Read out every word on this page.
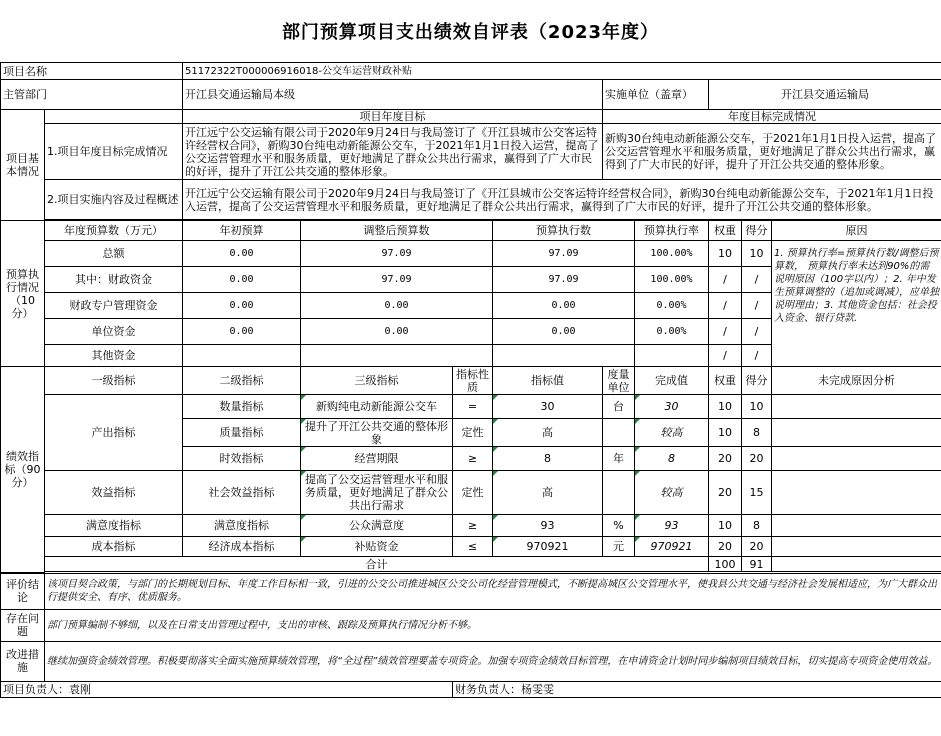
部门预算项目支出绩效自评表（2023年度）
项目名称		51172322T000006916018-公交车运营财政补贴								
主管部门		开江县交通运输局本级				实施单位（盖章）		开江县交通运输局		
项目基本情况		项目年度目标				年度目标完成情况				
	1.项目年度目标完成情况	开江远宁公交运输有限公司于2020年9月24日与我局签订了《开江县城市公交客运特许经营权合同》，新购30台纯电动新能源公交车，于2021年1月1日投入运营，提高了公交运营管理水平和服务质量，更好地满足了群众公共出行需求，赢得到了广大市民的好评，提升了开江公共交通的整体形象。				新购30台纯电动新能源公交车，于2021年1月1日投入运营，提高了公交运营管理水平和服务质量，更好地满足了群众公共出行需求，赢得到了广大市民的好评，提升了开江公共交通的整体形象。				
	2.项目实施内容及过程概述	开江远宁公交运输有限公司于2020年9月24日与我局签订了《开江县城市公交客运特许经营权合同》，新购30台纯电动新能源公交车，于2021年1月1日投入运营，提高了公交运营管理水平和服务质量，更好地满足了群众公共出行需求，赢得到了广大市民的好评，提升了开江公共交通的整体形象。								

预算执行情况（10分）	年度预算数（万元）	年初预算	调整后预算数		预算执行数		预算执行率	权重	得分	原因
	总额	0.00	97.09		97.09		100.00%	10	10	1. 预算执行率=预算执行数/调整后预算数， 预算执行率未达到90%的需说明原因（100字以内）；2. 年中发生预算调整的（追加或调减），应单独说明理由；3. 其他资金包括：社会投入资金、银行贷款.
	其中：财政资金	0.00	97.09		97.09		100.00%	/	/	
	财政专户管理资金	0.00	0.00		0.00		0.00%	/	/	
	单位资金	0.00	0.00		0.00		0.00%	/	/	
	其他资金							/	/	
绩效指标（90分）	一级指标	二级指标	三级指标	指标性质	指标值	度量单位	完成值	权重	得分	未完成原因分析
	产出指标	数量指标	新购纯电动新能源公交车	=	30	台	30	10	10	
		质量指标	提升了开江公共交通的整体形象	定性	高		较高	10	8	
		时效指标	经营期限	≥	8	年	8	20	20	
	效益指标	社会效益指标	提高了公交运营管理水平和服务质量，更好地满足了群众公共出行需求	定性	高		较高	20	15	
	满意度指标	满意度指标	公众满意度	≥	93	%	93	10	8	
	成本指标	经济成本指标	补贴资金	≤	970921	元	970921	20	20	
	合计							100	91	

评价结论	该项目契合政策，与部门的长期规划目标、年度工作目标相一致，引进的公交公司推进城区公交公司化经营管理模式，不断提高城区公交管理水平，使我县公共交通与经济社会发展相适应，为广大群众出行提供安全、有序、优质服务。									
存在问题	部门预算编制不够细，以及在日常支出管理过程中，支出的审核、跟踪及预算执行情况分析不够。									
改进措施	继续加强资金绩效管理。积极要彻落实全面实施预算绩效管理，将“全过程”绩效管理要盖专项资金。加强专项资金绩效目标管理，在申请资金计划时同步编制项目绩效目标，切实提高专项资金使用效益。									
项目负责人：袁刚				财务负责人：杨雯雯						
